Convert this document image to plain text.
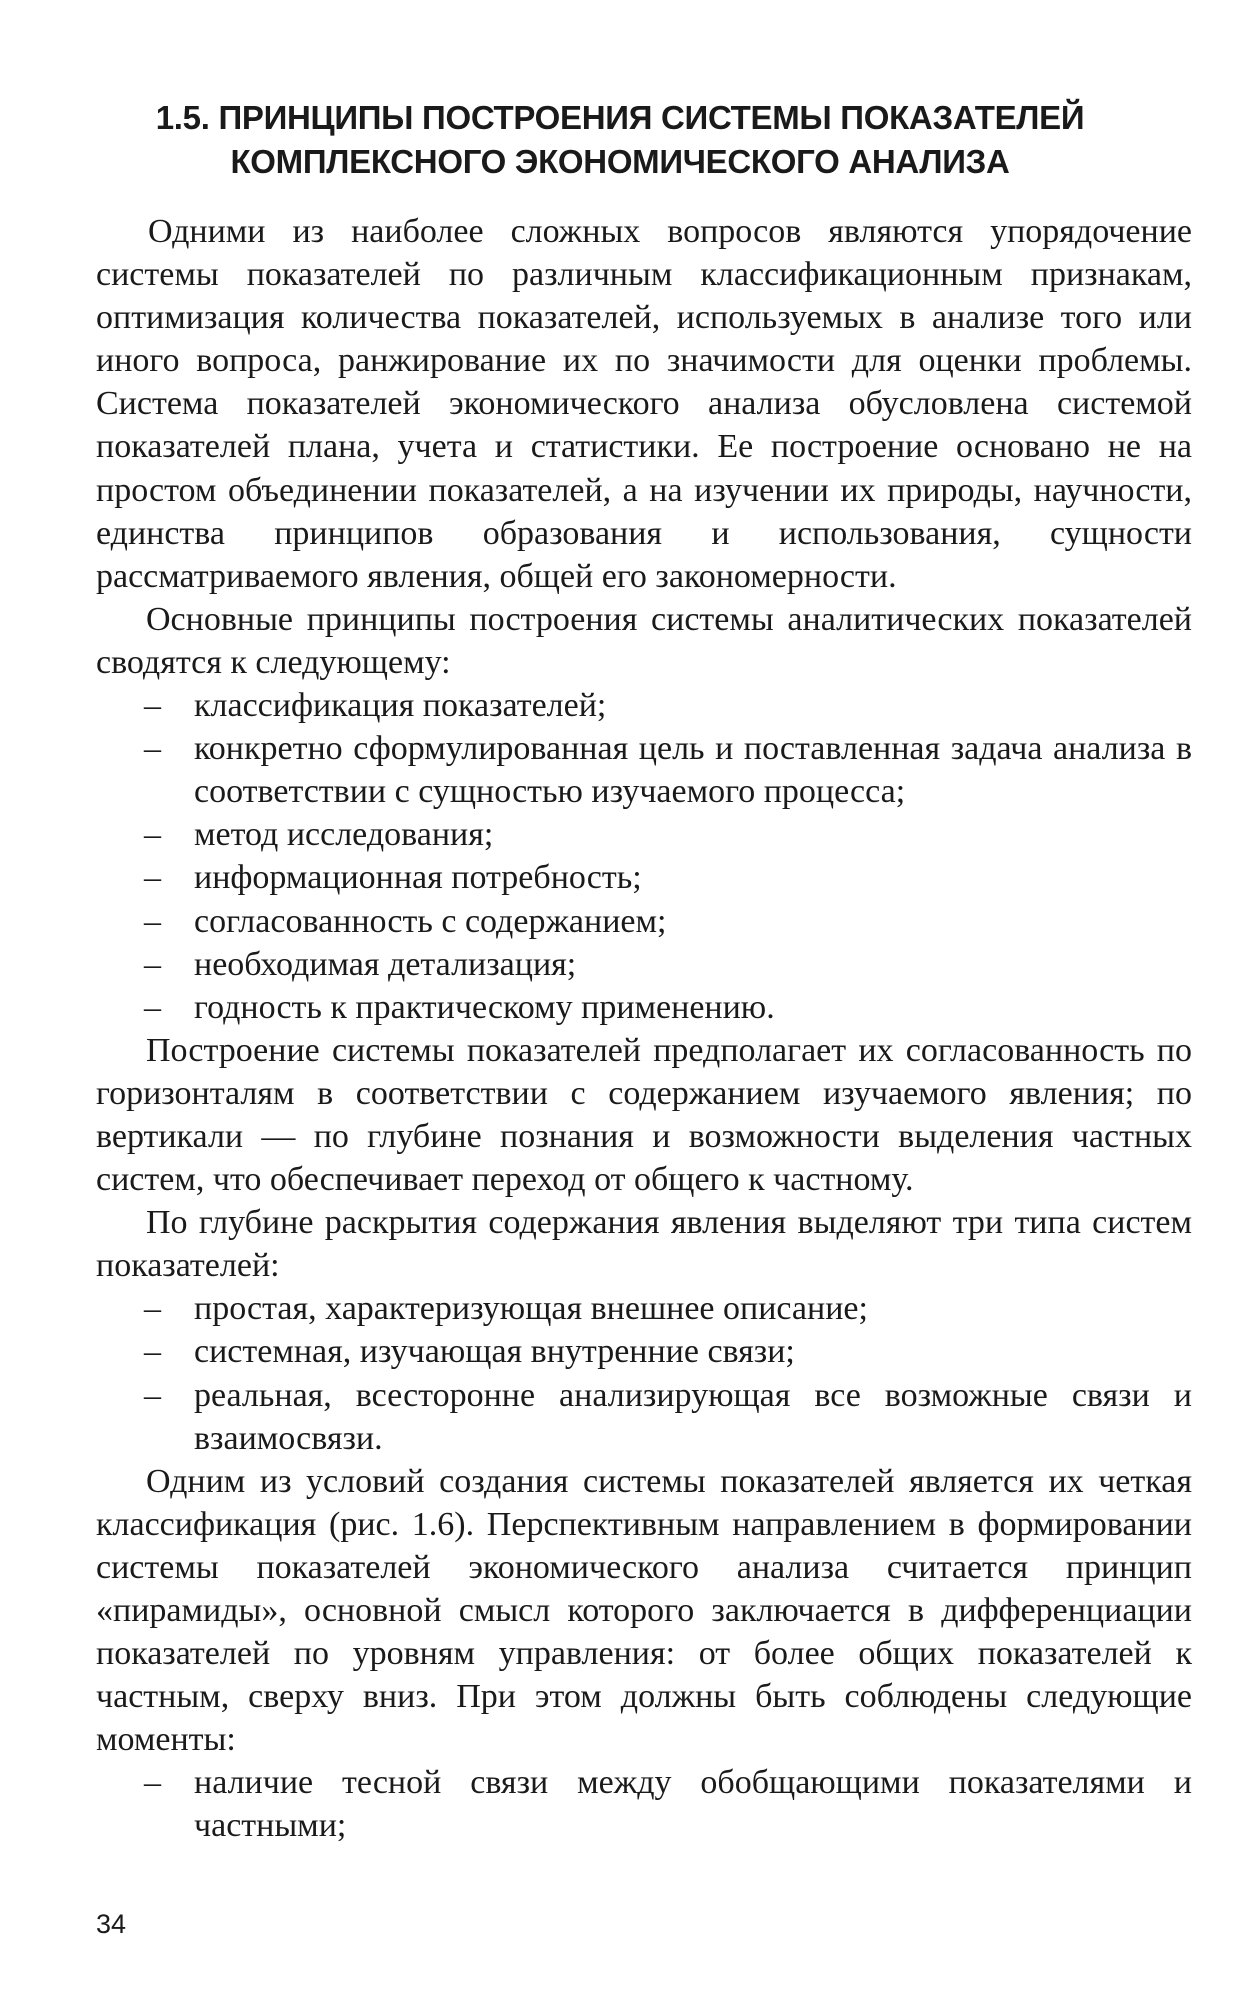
1.5. ПРИНЦИПЫ ПОСТРОЕНИЯ СИСТЕМЫ ПОКАЗАТЕЛЕЙ
КОМПЛЕКСНОГО ЭКОНОМИЧЕСКОГО АНАЛИЗА

Одними из наиболее сложных вопросов являются упорядочение системы показателей по различным классификационным признакам, оптимизация количества показателей, используемых в анализе того или иного вопроса, ранжирование их по значимости для оценки проблемы. Система показателей экономического анализа обусловлена системой показателей плана, учета и статистики. Ее построение основано не на простом объединении показателей, а на изучении их природы, научности, единства принципов образования и использования, сущности рассматриваемого явления, общей его закономерности.

Основные принципы построения системы аналитических показателей сводятся к следующему:

– классификация показателей;
– конкретно сформулированная цель и поставленная задача анализа в соответствии с сущностью изучаемого процесса;
– метод исследования;
– информационная потребность;
– согласованность с содержанием;
– необходимая детализация;
– годность к практическому применению.

Построение системы показателей предполагает их согласованность по горизонталям в соответствии с содержанием изучаемого явления; по вертикали — по глубине познания и возможности выделения частных систем, что обеспечивает переход от общего к частному.

По глубине раскрытия содержания явления выделяют три типа систем показателей:

– простая, характеризующая внешнее описание;
– системная, изучающая внутренние связи;
– реальная, всесторонне анализирующая все возможные связи и взаимосвязи.

Одним из условий создания системы показателей является их четкая классификация (рис. 1.6). Перспективным направлением в формировании системы показателей экономического анализа считается принцип «пирамиды», основной смысл которого заключается в дифференциации показателей по уровням управления: от более общих показателей к частным, сверху вниз. При этом должны быть соблюдены следующие моменты:

– наличие тесной связи между обобщающими показателями и частными;
34
